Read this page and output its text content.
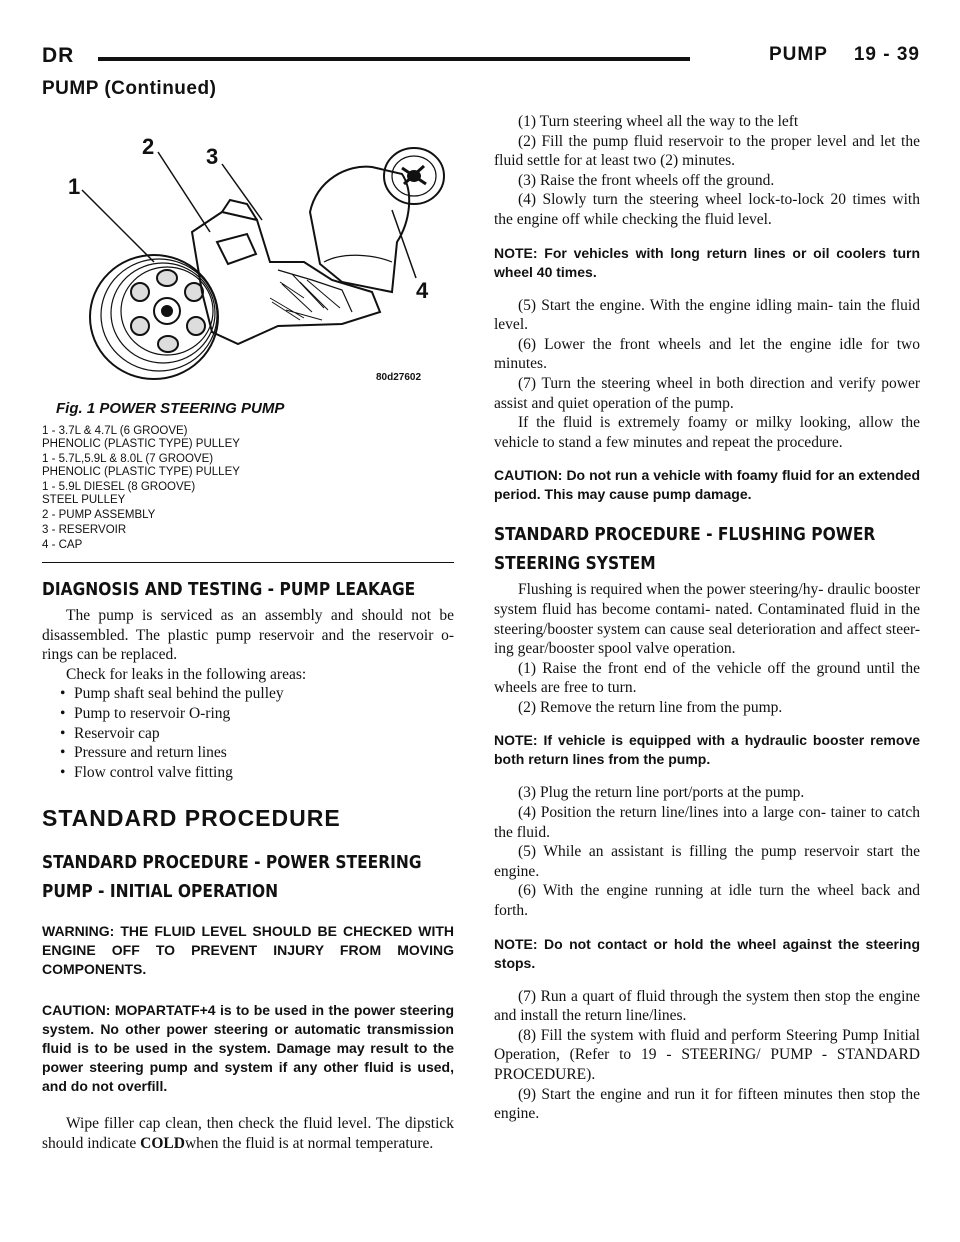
DR	PUMP 19 - 39
PUMP (Continued)
1
2 3
4
80d27602
Fig. 1 POWER STEERING PUMP
1 - 3.7L & 4.7L (6 GROOVE)
PHENOLIC (PLASTIC TYPE) PULLEY
1 - 5.7L,5.9L & 8.0L (7 GROOVE)
PHENOLIC (PLASTIC TYPE) PULLEY
1 - 5.9L DIESEL (8 GROOVE)
STEEL PULLEY
2 - PUMP ASSEMBLY
3 - RESERVOIR
4 - CAP
DIAGNOSIS AND TESTING - PUMP LEAKAGE

The pump is serviced as an assembly and should not be disassembled. The plastic pump reservoir and the reservoir o-rings can be replaced.

Check for leaks in the following areas:

• Pump shaft seal behind the pulley
• Pump to reservoir O-ring
• Reservoir cap
• Pressure and return lines
• Flow control valve fitting
STANDARD PROCEDURE
STANDARD PROCEDURE - POWER STEERING
PUMP - INITIAL OPERATION

WARNING: THE FLUID LEVEL SHOULD BE CHECKED WITH ENGINE OFF TO PREVENT INJURY FROM MOVING COMPONENTS.

CAUTION: MOPARTATF+4 is to be used in the power steering system. No other power steering or automatic transmission fluid is to be used in the system. Damage may result to the power steering pump and system if any other fluid is used, and do not overfill.

Wipe filler cap clean, then check the fluid level. The dipstick should indicate COLDwhen the fluid is at normal temperature.

(1) Turn steering wheel all the way to the left

(2) Fill the pump fluid reservoir to the proper level and let the fluid settle for at least two (2) minutes.

(3) Raise the front wheels off the ground.

(4) Slowly turn the steering wheel lock-to-lock 20 times with the engine off while checking the fluid level.

NOTE: For vehicles with long return lines or oil coolers turn wheel 40 times.

(5) Start the engine. With the engine idling main- tain the fluid level.

(6) Lower the front wheels and let the engine idle for two minutes.

(7) Turn the steering wheel in both direction and verify power assist and quiet operation of the pump.

If the fluid is extremely foamy or milky looking, allow the vehicle to stand a few minutes and repeat the procedure.

CAUTION: Do not run a vehicle with foamy fluid for an extended period. This may cause pump damage.

STANDARD PROCEDURE - FLUSHING POWER
STEERING SYSTEM

Flushing is required when the power steering/hy- draulic booster system fluid has become contami- nated. Contaminated fluid in the steering/booster system can cause seal deterioration and affect steer- ing gear/booster spool valve operation.

(1) Raise the front end of the vehicle off the ground until the wheels are free to turn.

(2) Remove the return line from the pump.

NOTE: If vehicle is equipped with a hydraulic booster remove both return lines from the pump.

(3) Plug the return line port/ports at the pump.

(4) Position the return line/lines into a large con- tainer to catch the fluid.

(5) While an assistant is filling the pump reservoir start the engine.

(6) With the engine running at idle turn the wheel back and forth.

NOTE: Do not contact or hold the wheel against the steering stops.

(7) Run a quart of fluid through the system then stop the engine and install the return line/lines.

(8) Fill the system with fluid and perform Steering Pump Initial Operation, (Refer to 19 - STEERING/ PUMP - STANDARD PROCEDURE).

(9) Start the engine and run it for fifteen minutes then stop the engine.
